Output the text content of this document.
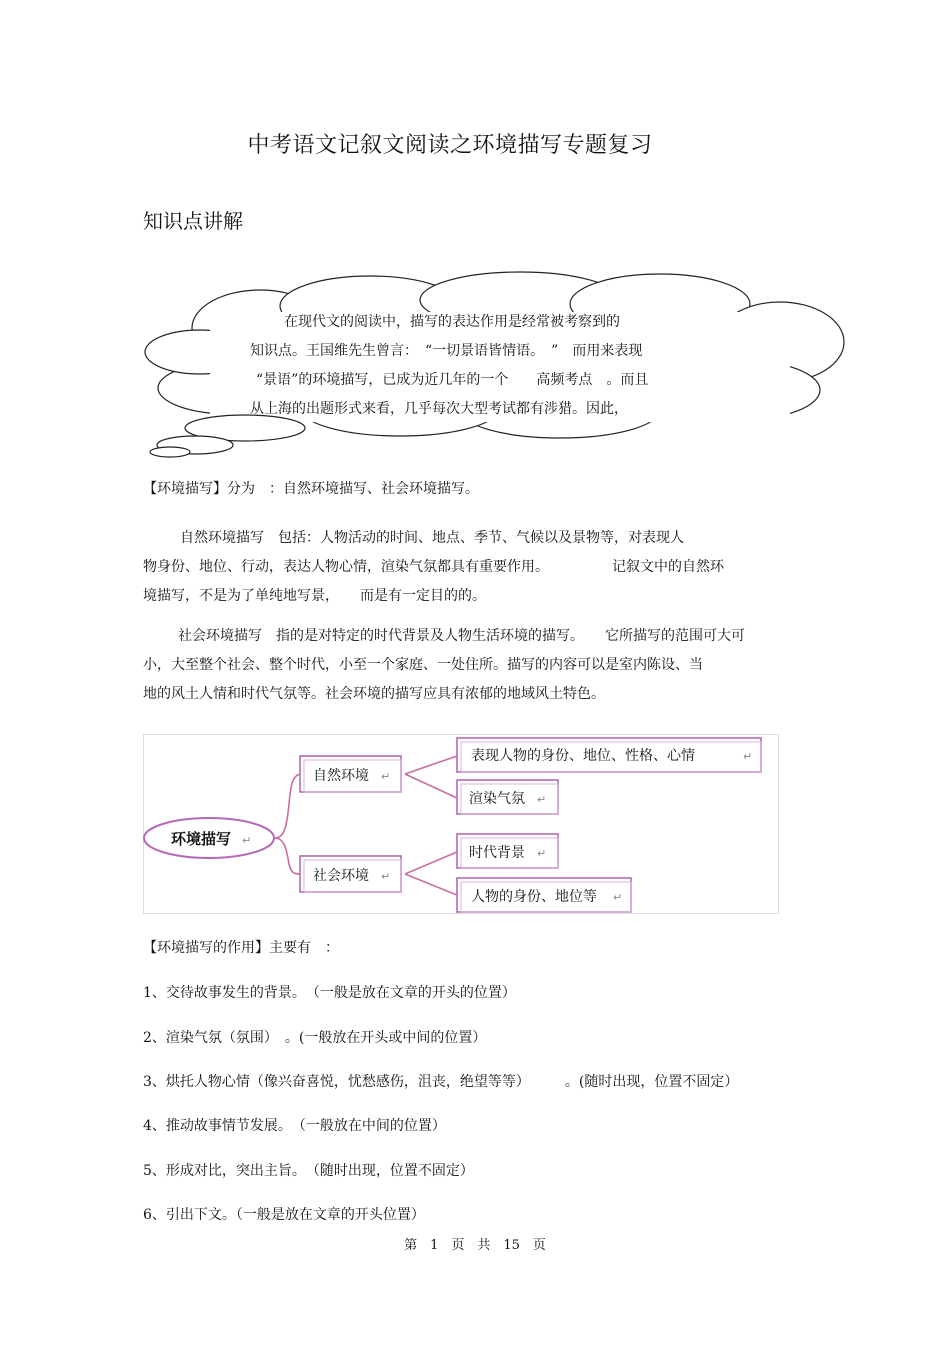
中考语文记叙文阅读之环境描写专题复习
知识点讲解
在现代文的阅读中，描写的表达作用是经常被考察到的
知识点。王国维先生曾言：　“一切景语皆情语。　”　而用来表现
“景语”的环境描写，已成为近几年的一个　　高频考点　。而且
从上海的出题形式来看，几乎每次大型考试都有涉猎。因此，
【环境描写】分为　：自然环境描写、社会环境描写。
自然环境描写　包括：人物活动的时间、地点、季节、气候以及景物等，对表现人
物身份、地位、行动，表达人物心情，渲染气氛都具有重要作用。　　　　　记叙文中的自然环
境描写，不是为了单纯地写景，　　而是有一定目的的。
社会环境描写　指的是对特定的时代背景及人物生活环境的描写。　　它所描写的范围可大可
小，大至整个社会、整个时代，小至一个家庭、一处住所。描写的内容可以是室内陈设、当
地的风土人情和时代气氛等。社会环境的描写应具有浓郁的地域风土特色。
环境描写 ↵
自然环境 ↵
社会环境 ↵
表现人物的身份、地位、性格、心情	↵
渲染气氛 ↵
时代背景 ↵
人物的身份、地位等 ↵
【环境描写的作用】主要有　：
1、交待故事发生的背景。　（一般是放在文章的开头的位置）
2、渲染气氛（氛围）　。(一般放在开头或中间的位置）
3、烘托人物心情（像兴奋喜悦，忧愁感伤，沮丧，绝望等等）　　　。(随时出现，位置不固定）
4、推动故事情节发展。　（一般放在中间的位置）
5、形成对比，突出主旨。　（随时出现，位置不固定）
6、引出下文。（一般是放在文章的开头位置）
第　1　页　共　15　页
